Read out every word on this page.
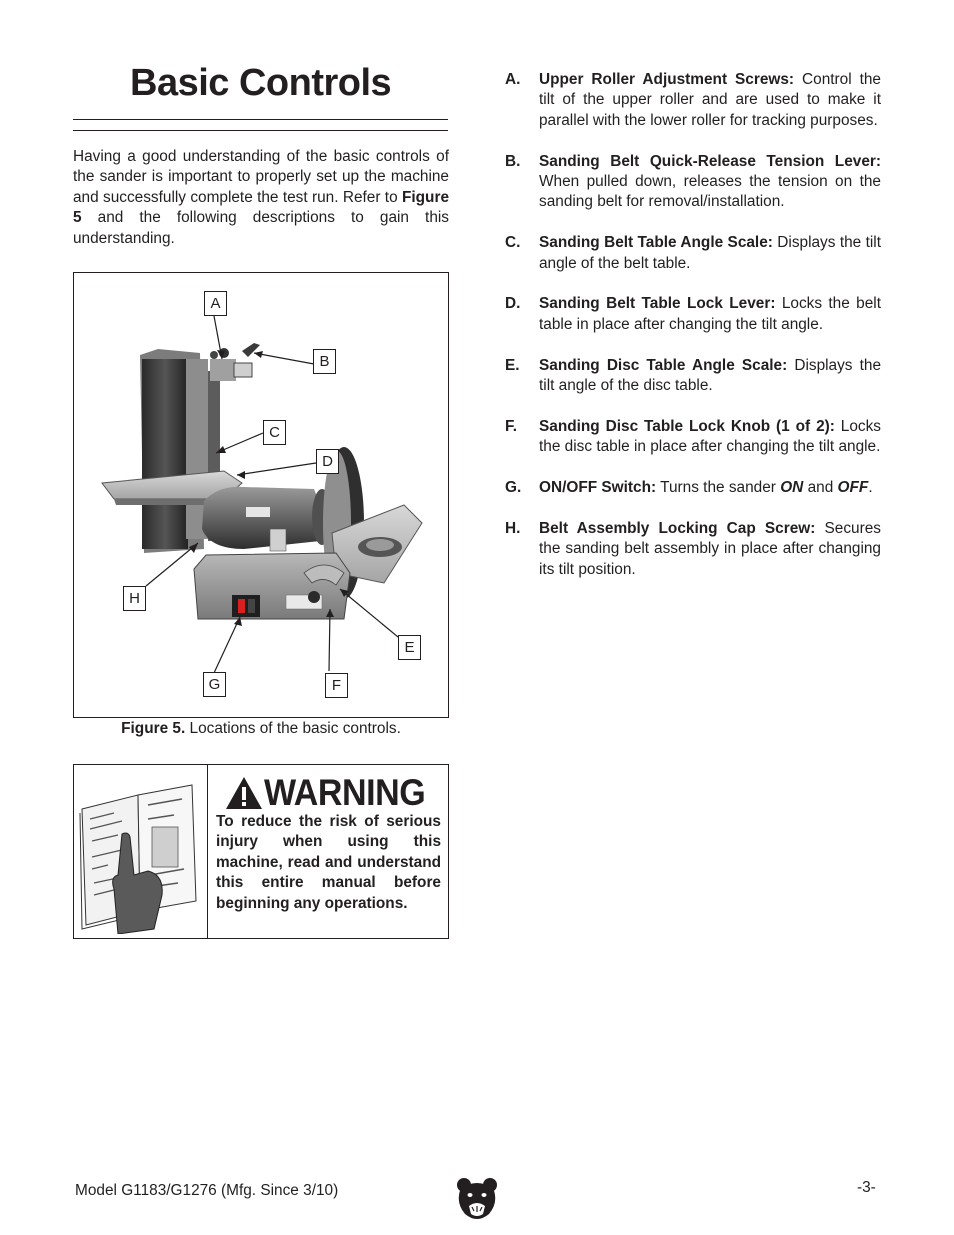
Basic Controls

Having a good understanding of the basic controls of the sander is important to properly set up the machine and successfully complete the test run. Refer to Figure 5 and the following descriptions to gain this understanding.

A
B
C
D
E
F
G
H

Figure 5. Locations of the basic controls.

WARNING

To reduce the risk of serious injury when using this machine, read and understand this entire manual before beginning any operations.

A. Upper Roller Adjustment Screws: Control the tilt of the upper roller and are used to make it parallel with the lower roller for tracking purposes.
B. Sanding Belt Quick-Release Tension Lever: When pulled down, releases the tension on the sanding belt for removal/installation.
C. Sanding Belt Table Angle Scale: Displays the tilt angle of the belt table.
D. Sanding Belt Table Lock Lever: Locks the belt table in place after changing the tilt angle.
E. Sanding Disc Table Angle Scale: Displays the tilt angle of the disc table.
F. Sanding Disc Table Lock Knob (1 of 2): Locks the disc table in place after changing the tilt angle.
G. ON/OFF Switch: Turns the sander ON and OFF.
H. Belt Assembly Locking Cap Screw: Secures the sanding belt assembly in place after changing its tilt position.

Model G1183/G1276 (Mfg. Since 3/10)	-3-
